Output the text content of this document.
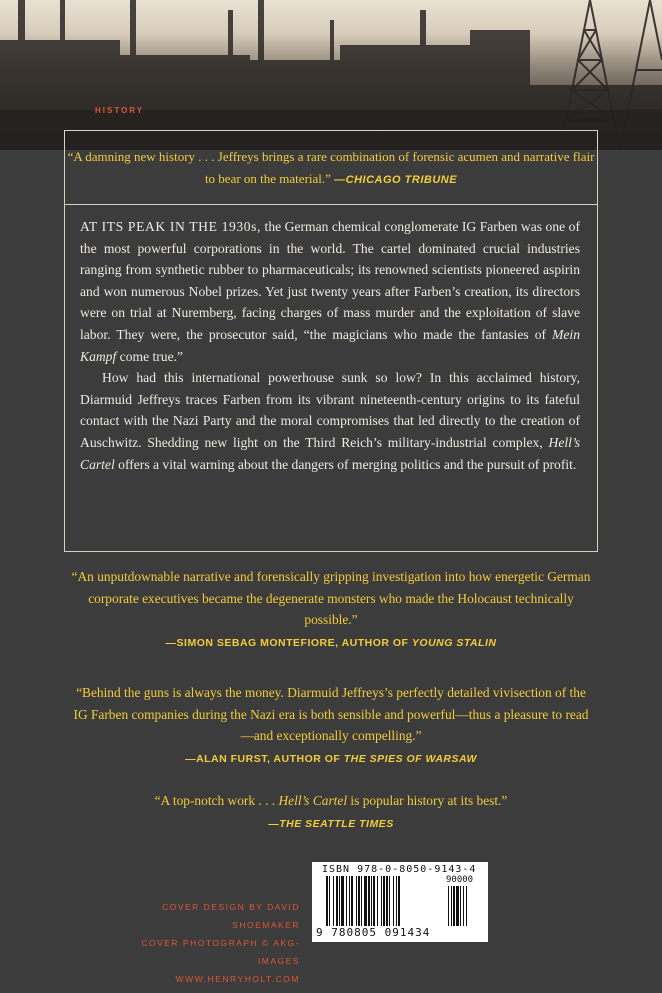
HISTORY
“A damning new history . . . Jeffreys brings a rare combination of forensic acumen and narrative flair to bear on the material.” —CHICAGO TRIBUNE

AT ITS PEAK IN THE 1930s, the German chemical conglomerate IG Farben was one of the most powerful corporations in the world. The cartel dominated crucial industries ranging from synthetic rubber to pharmaceuticals; its renowned scientists pioneered aspirin and won numerous Nobel prizes. Yet just twenty years after Farben’s creation, its directors were on trial at Nuremberg, facing charges of mass murder and the exploitation of slave labor. They were, the prosecutor said, “the magicians who made the fantasies of Mein Kampf come true.”

How had this international powerhouse sunk so low? In this acclaimed history, Diarmuid Jeffreys traces Farben from its vibrant nineteenth-century origins to its fateful contact with the Nazi Party and the moral compromises that led directly to the creation of Auschwitz. Shedding new light on the Third Reich’s military-industrial complex, Hell’s Cartel offers a vital warning about the dangers of merging politics and the pursuit of profit.

“An unputdownable narrative and forensically gripping investigation into how energetic German corporate executives became the degenerate monsters who made the Holocaust technically possible.”
—SIMON SEBAG MONTEFIORE, AUTHOR OF YOUNG STALIN
“Behind the guns is always the money. Diarmuid Jeffreys’s perfectly detailed vivisection of the IG Farben companies during the Nazi era is both sensible and powerful—thus a pleasure to read—and exceptionally compelling.”
—ALAN FURST, AUTHOR OF THE SPIES OF WARSAW
“A top-notch work . . . Hell’s Cartel is popular history at its best.”
—THE SEATTLE TIMES
COVER DESIGN BY DAVID SHOEMAKER
COVER PHOTOGRAPH © AKG-IMAGES
WWW.HENRYHOLT.COM
ISBN 978-0-8050-9143-4
90000
9 780805 091434
